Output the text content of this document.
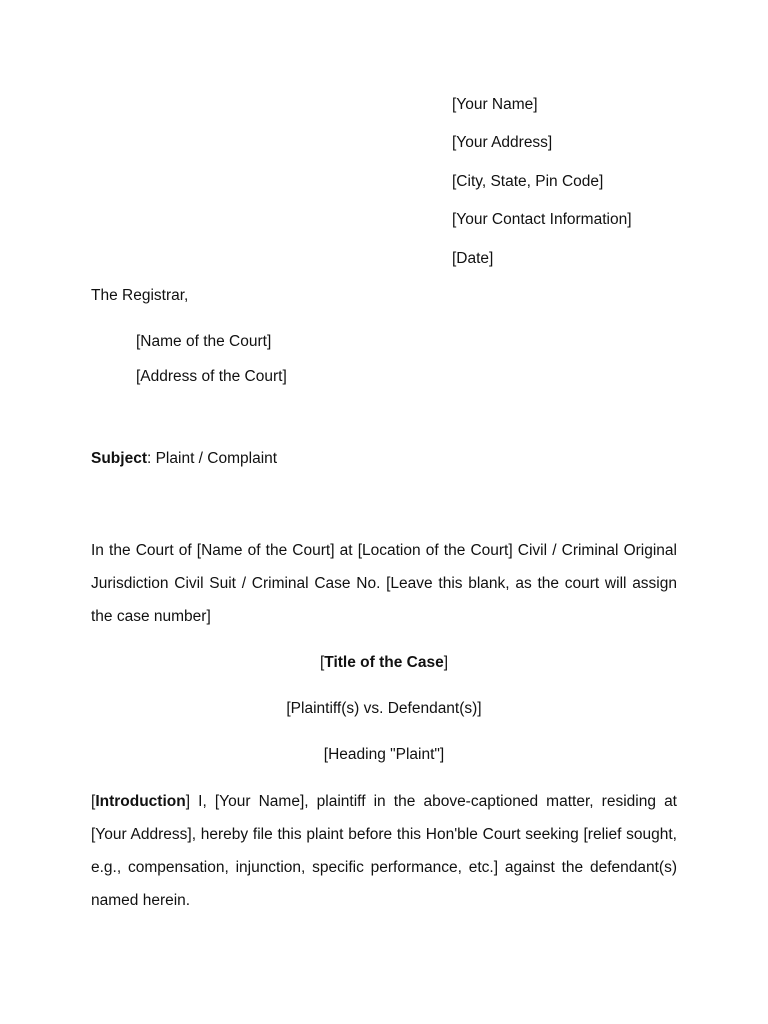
[Your Name]
[Your Address]
[City, State, Pin Code]
[Your Contact Information]
[Date]
The Registrar,
[Name of the Court]
[Address of the Court]
Subject: Plaint / Complaint
In the Court of [Name of the Court] at [Location of the Court] Civil / Criminal Original Jurisdiction Civil Suit / Criminal Case No. [Leave this blank, as the court will assign the case number]
[Title of the Case]
[Plaintiff(s) vs. Defendant(s)]
[Heading "Plaint"]
[Introduction] I, [Your Name], plaintiff in the above-captioned matter, residing at [Your Address], hereby file this plaint before this Hon'ble Court seeking [relief sought, e.g., compensation, injunction, specific performance, etc.] against the defendant(s) named herein.
